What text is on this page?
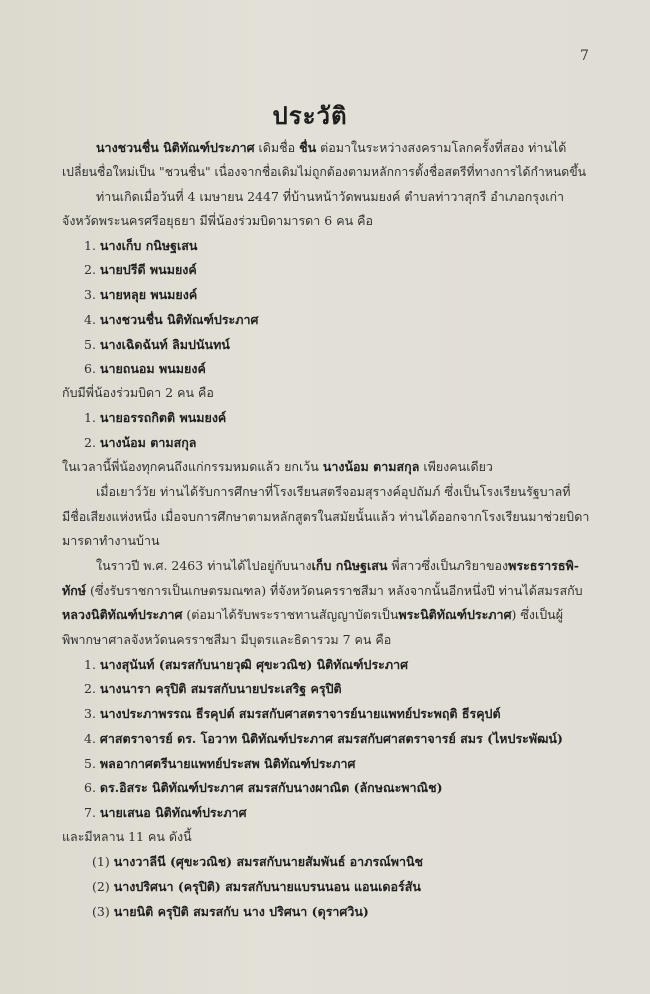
7
ประวัติ
นางชวนชื่น นิติทัณฑ์ประภาศ เดิมชื่อ ชื่น ต่อมาในระหว่างสงครามโลกครั้งที่สอง ท่านได้
เปลี่ยนชื่อใหม่เป็น "ชวนชื่น" เนื่องจากชื่อเดิมไม่ถูกต้องตามหลักการตั้งชื่อสตรีที่ทางการได้กำหนดขึ้น
ท่านเกิดเมื่อวันที่ 4 เมษายน 2447 ที่บ้านหน้าวัดพนมยงค์ ตำบลท่าวาสุกรี อำเภอกรุงเก่า
จังหวัดพระนครศรีอยุธยา มีพี่น้องร่วมบิดามารดา 6 คน คือ
1. นางเก็บ กนิษฐเสน
2. นายปรีดี พนมยงค์
3. นายหลุย พนมยงค์
4. นางชวนชื่น นิติทัณฑ์ประภาศ
5. นางเฉิดฉันท์ ลิมปนันทน์
6. นายถนอม พนมยงค์
กับมีพี่น้องร่วมบิดา 2 คน คือ
1. นายอรรถกิตติ พนมยงค์
2. นางน้อม ตามสกุล
ในเวลานี้พี่น้องทุกคนถึงแก่กรรมหมดแล้ว ยกเว้น นางน้อม ตามสกุล เพียงคนเดียว
เมื่อเยาว์วัย ท่านได้รับการศึกษาที่โรงเรียนสตรีจอมสุรางค์อุปถัมภ์ ซึ่งเป็นโรงเรียนรัฐบาลที่
มีชื่อเสียงแห่งหนึ่ง เมื่อจบการศึกษาตามหลักสูตรในสมัยนั้นแล้ว ท่านได้ออกจากโรงเรียนมาช่วยบิดา
มารดาทำงานบ้าน
ในราวปี พ.ศ. 2463 ท่านได้ไปอยู่กับนางเก็บ กนิษฐเสน พี่สาวซึ่งเป็นภริยาของพระธรารธพิ-
ทักษ์ (ซึ่งรับราชการเป็นเกษตรมณฑล) ที่จังหวัดนครราชสีมา หลังจากนั้นอีกหนึ่งปี ท่านได้สมรสกับ
หลวงนิติทัณฑ์ประภาศ (ต่อมาได้รับพระราชทานสัญญาบัตรเป็นพระนิติทัณฑ์ประภาศ) ซึ่งเป็นผู้
พิพากษาศาลจังหวัดนครราชสีมา มีบุตรและธิดารวม 7 คน คือ
1. นางสุนันท์ (สมรสกับนายวุฒิ ศุขะวณิช) นิติทัณฑ์ประภาศ
2. นางนารา ครุปิติ สมรสกับนายประเสริฐ ครุปิติ
3. นางประภาพรรณ ธีรคุปต์ สมรสกับศาสตราจารย์นายแพทย์ประพฤติ ธีรคุปต์
4. ศาสตราจารย์ ดร. โอวาท นิติทัณฑ์ประภาศ สมรสกับศาสตราจารย์ สมร (ไหประพัฒน์)
5. พลอากาศตรีนายแพทย์ประสพ นิติทัณฑ์ประภาศ
6. ดร.อิสระ นิติทัณฑ์ประภาศ สมรสกับนางผาณิต (ลักษณะพาณิช)
7. นายเสนอ นิติทัณฑ์ประภาศ
และมีหลาน 11 คน ดังนี้
(1) นางวาลีนี (ศุขะวณิช) สมรสกับนายสัมพันธ์ อาภรณ์พานิช
(2) นางปริศนา (ครุปิติ) สมรสกับนายแบรนนอน แอนเดอร์สัน
(3) นายนิติ ครุปิติ สมรสกับ นาง ปริศนา (ดุราศวิน)
